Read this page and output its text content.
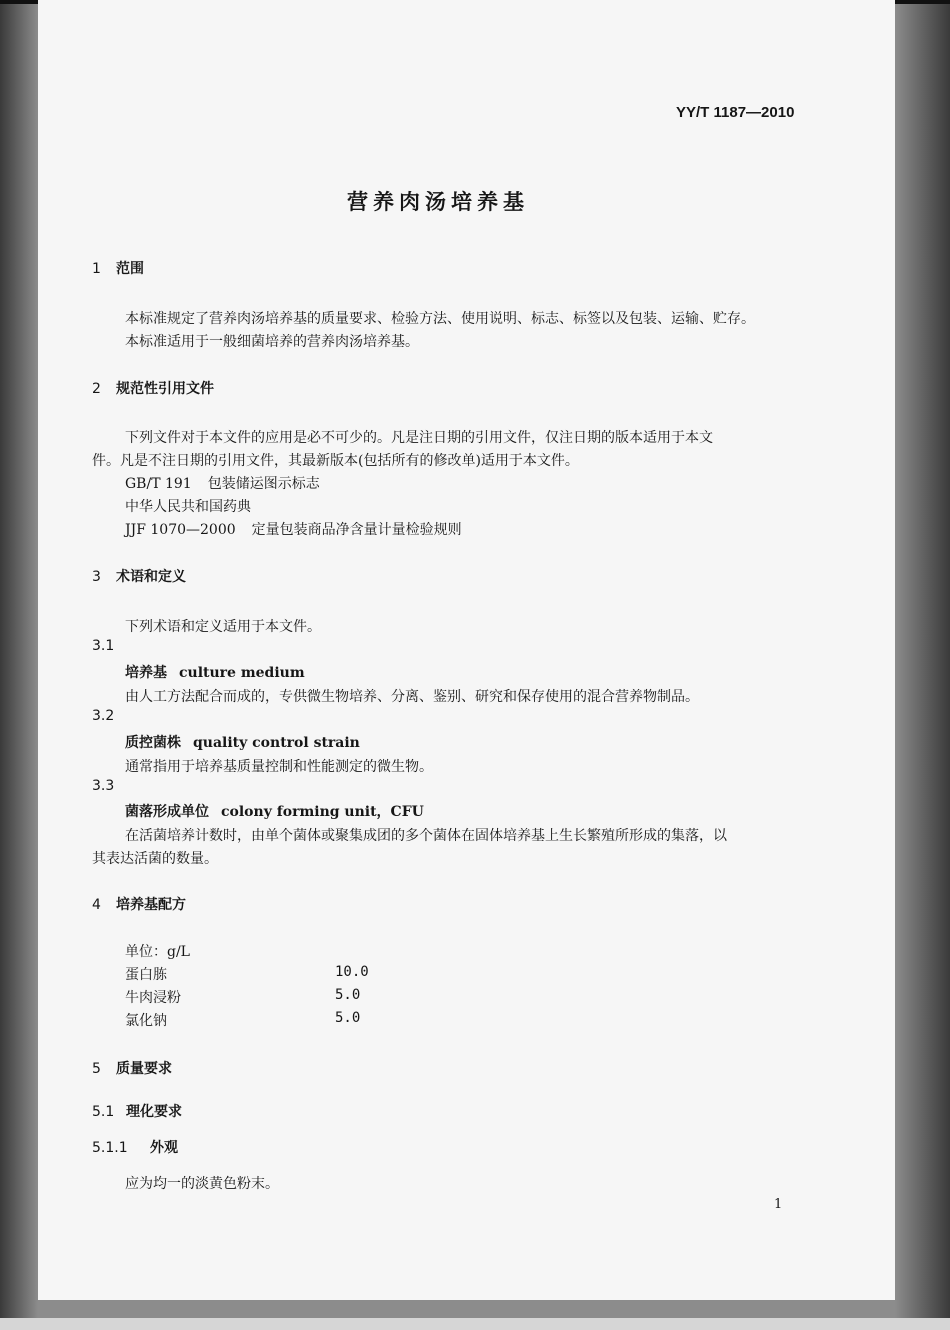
YY/T 1187—2010
营养肉汤培养基
1 范围
本标准规定了营养肉汤培养基的质量要求、检验方法、使用说明、标志、标签以及包装、运输、贮存。
本标准适用于一般细菌培养的营养肉汤培养基。
2 规范性引用文件
下列文件对于本文件的应用是必不可少的。凡是注日期的引用文件，仅注日期的版本适用于本文
件。凡是不注日期的引用文件，其最新版本(包括所有的修改单)适用于本文件。
GB/T 191 包装储运图示标志
中华人民共和国药典
JJF 1070—2000 定量包装商品净含量计量检验规则
3 术语和定义
下列术语和定义适用于本文件。
3.1
培养基 culture medium
由人工方法配合而成的，专供微生物培养、分离、鉴别、研究和保存使用的混合营养物制品。
3.2
质控菌株 quality control strain
通常指用于培养基质量控制和性能测定的微生物。
3.3
菌落形成单位 colony forming unit，CFU
在活菌培养计数时，由单个菌体或聚集成团的多个菌体在固体培养基上生长繁殖所形成的集落，以
其表达活菌的数量。
4 培养基配方
单位：g/L
蛋白胨	10.0
牛肉浸粉	5.0
氯化钠	5.0
5 质量要求
5.1 理化要求
5.1.1 外观
应为均一的淡黄色粉末。
1
